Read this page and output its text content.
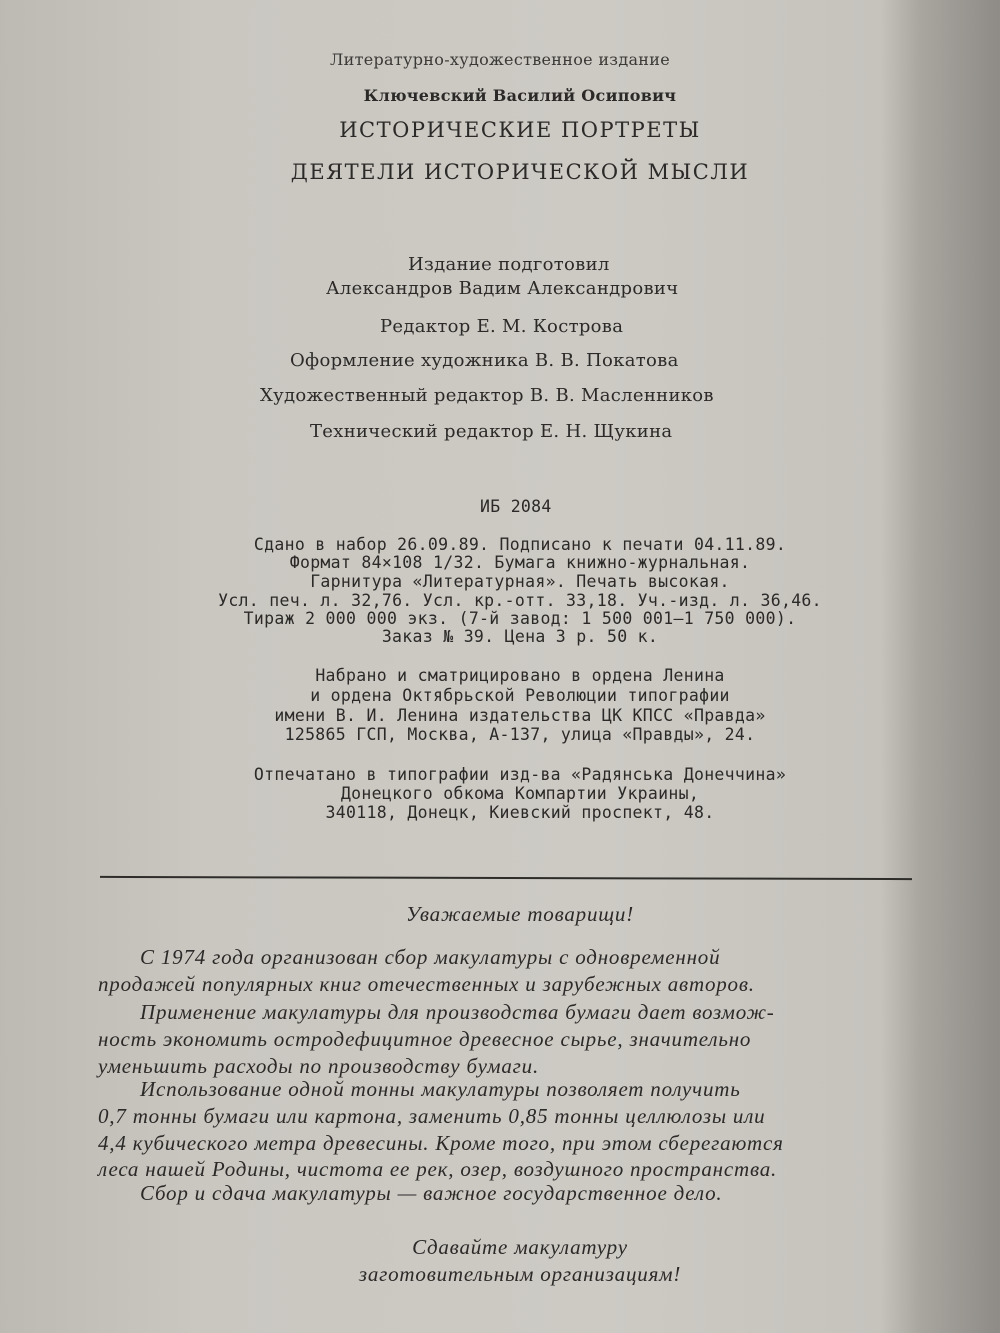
Литературно-художественное издание
Ключевский Василий Осипович
ИСТОРИЧЕСКИЕ ПОРТРЕТЫ
ДЕЯТЕЛИ ИСТОРИЧЕСКОЙ МЫСЛИ
Издание подготовил
Александров Вадим Александрович
Редактор Е. М. Кострова
Оформление художника В. В. Покатова
Художественный редактор В. В. Масленников
Технический редактор Е. Н. Щукина
ИБ 2084
Сдано в набор 26.09.89. Подписано к печати 04.11.89.
Формат 84×108 1/32. Бумага книжно-журнальная.
Гарнитура «Литературная». Печать высокая.
Усл. печ. л. 32,76. Усл. кр.-отт. 33,18. Уч.-изд. л. 36,46.
Тираж 2 000 000 экз. (7-й завод: 1 500 001—1 750 000).
Заказ № 39. Цена 3 р. 50 к.
Набрано и сматрицировано в ордена Ленина
и ордена Октябрьской Революции типографии
имени В. И. Ленина издательства ЦК КПСС «Правда»
125865 ГСП, Москва, А-137, улица «Правды», 24.
Отпечатано в типографии изд-ва «Радянська Донеччина»
Донецкого обкома Компартии Украины,
340118, Донецк, Киевский проспект, 48.
Уважаемые товарищи!
С 1974 года организован сбор макулатуры с одновременной
продажей популярных книг отечественных и зарубежных авторов.
Применение макулатуры для производства бумаги дает возмож-
ность экономить остродефицитное древесное сырье, значительно
уменьшить расходы по производству бумаги.
Использование одной тонны макулатуры позволяет получить
0,7 тонны бумаги или картона, заменить 0,85 тонны целлюлозы или
4,4 кубического метра древесины. Кроме того, при этом сберегаются
леса нашей Родины, чистота ее рек, озер, воздушного пространства.
Сбор и сдача макулатуры — важное государственное дело.
Сдавайте макулатуру
заготовительным организациям!
